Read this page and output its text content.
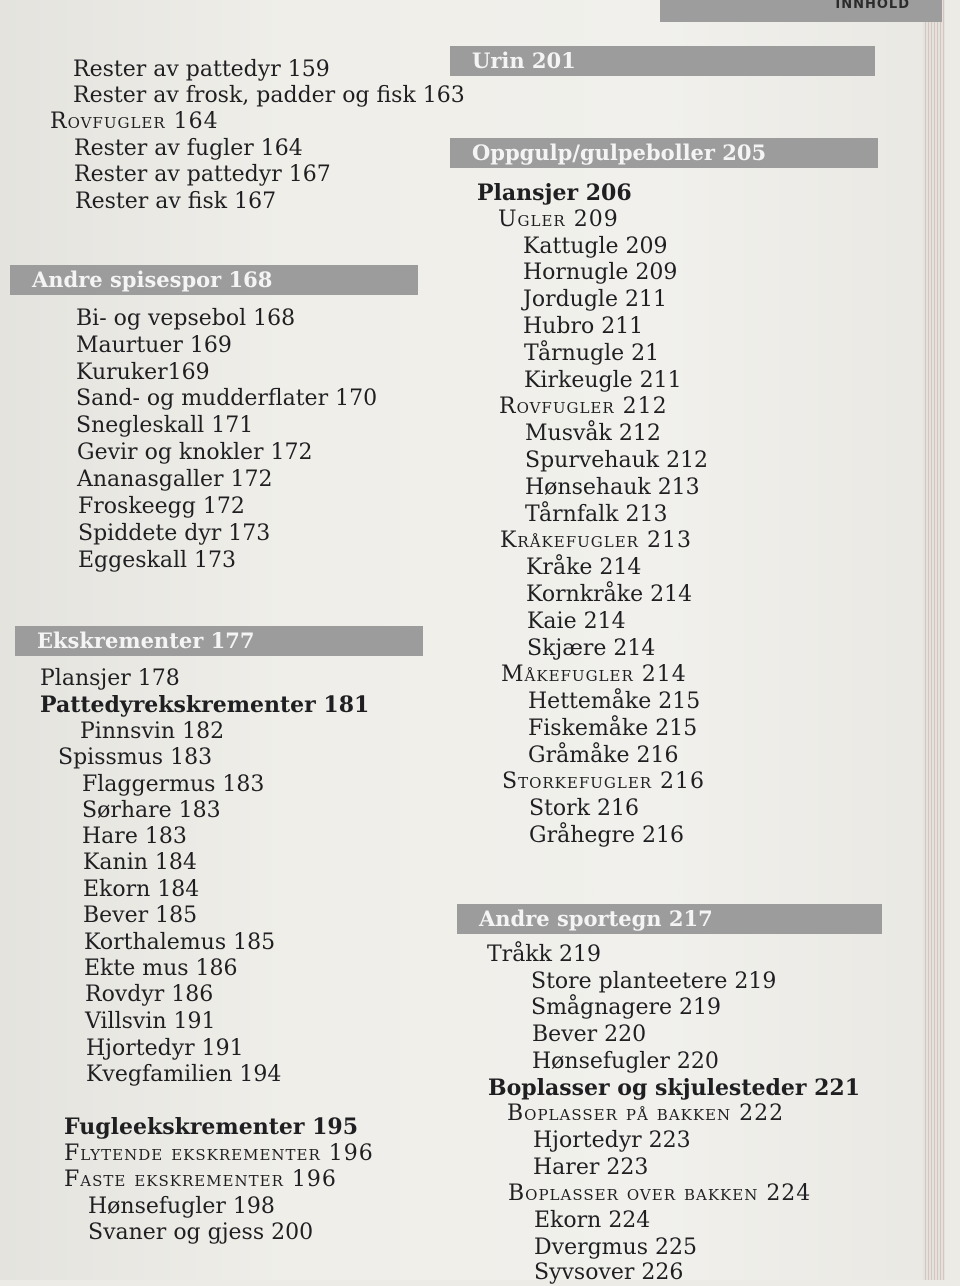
INNHOLD
Rester av pattedyr 159
Rester av frosk, padder og fisk 163
Rovfugler 164
Rester av fugler 164
Rester av pattedyr 167
Rester av fisk 167
Andre spisespor 168
Bi- og vepsebol 168
Maurtuer 169
Kuruker169
Sand- og mudderflater 170
Snegleskall 171
Gevir og knokler 172
Ananasgaller 172
Froskeegg 172
Spiddete dyr 173
Eggeskall 173
Ekskrementer 177
Plansjer 178
Pattedyrekskrementer 181
Pinnsvin 182
Spissmus 183
Flaggermus 183
Sørhare 183
Hare 183
Kanin 184
Ekorn 184
Bever 185
Korthalemus 185
Ekte mus 186
Rovdyr 186
Villsvin 191
Hjortedyr 191
Kvegfamilien 194
Fugleekskrementer 195
Flytende ekskrementer 196
Faste ekskrementer 196
Hønsefugler 198
Svaner og gjess 200
Urin 201
Oppgulp/gulpeboller 205
Plansjer 206
Ugler 209
Kattugle 209
Hornugle 209
Jordugle 211
Hubro 211
Tårnugle 21
Kirkeugle 211
Rovfugler 212
Musvåk 212
Spurvehauk 212
Hønsehauk 213
Tårnfalk 213
Kråkefugler 213
Kråke 214
Kornkråke 214
Kaie 214
Skjære 214
Måkefugler 214
Hettemåke 215
Fiskemåke 215
Gråmåke 216
Storkefugler 216
Stork 216
Gråhegre 216
Andre sportegn 217
Tråkk 219
Store planteetere 219
Smågnagere 219
Bever 220
Hønsefugler 220
Boplasser og skjulesteder 221
Boplasser på bakken 222
Hjortedyr 223
Harer 223
Boplasser over bakken 224
Ekorn 224
Dvergmus 225
Syvsover 226
